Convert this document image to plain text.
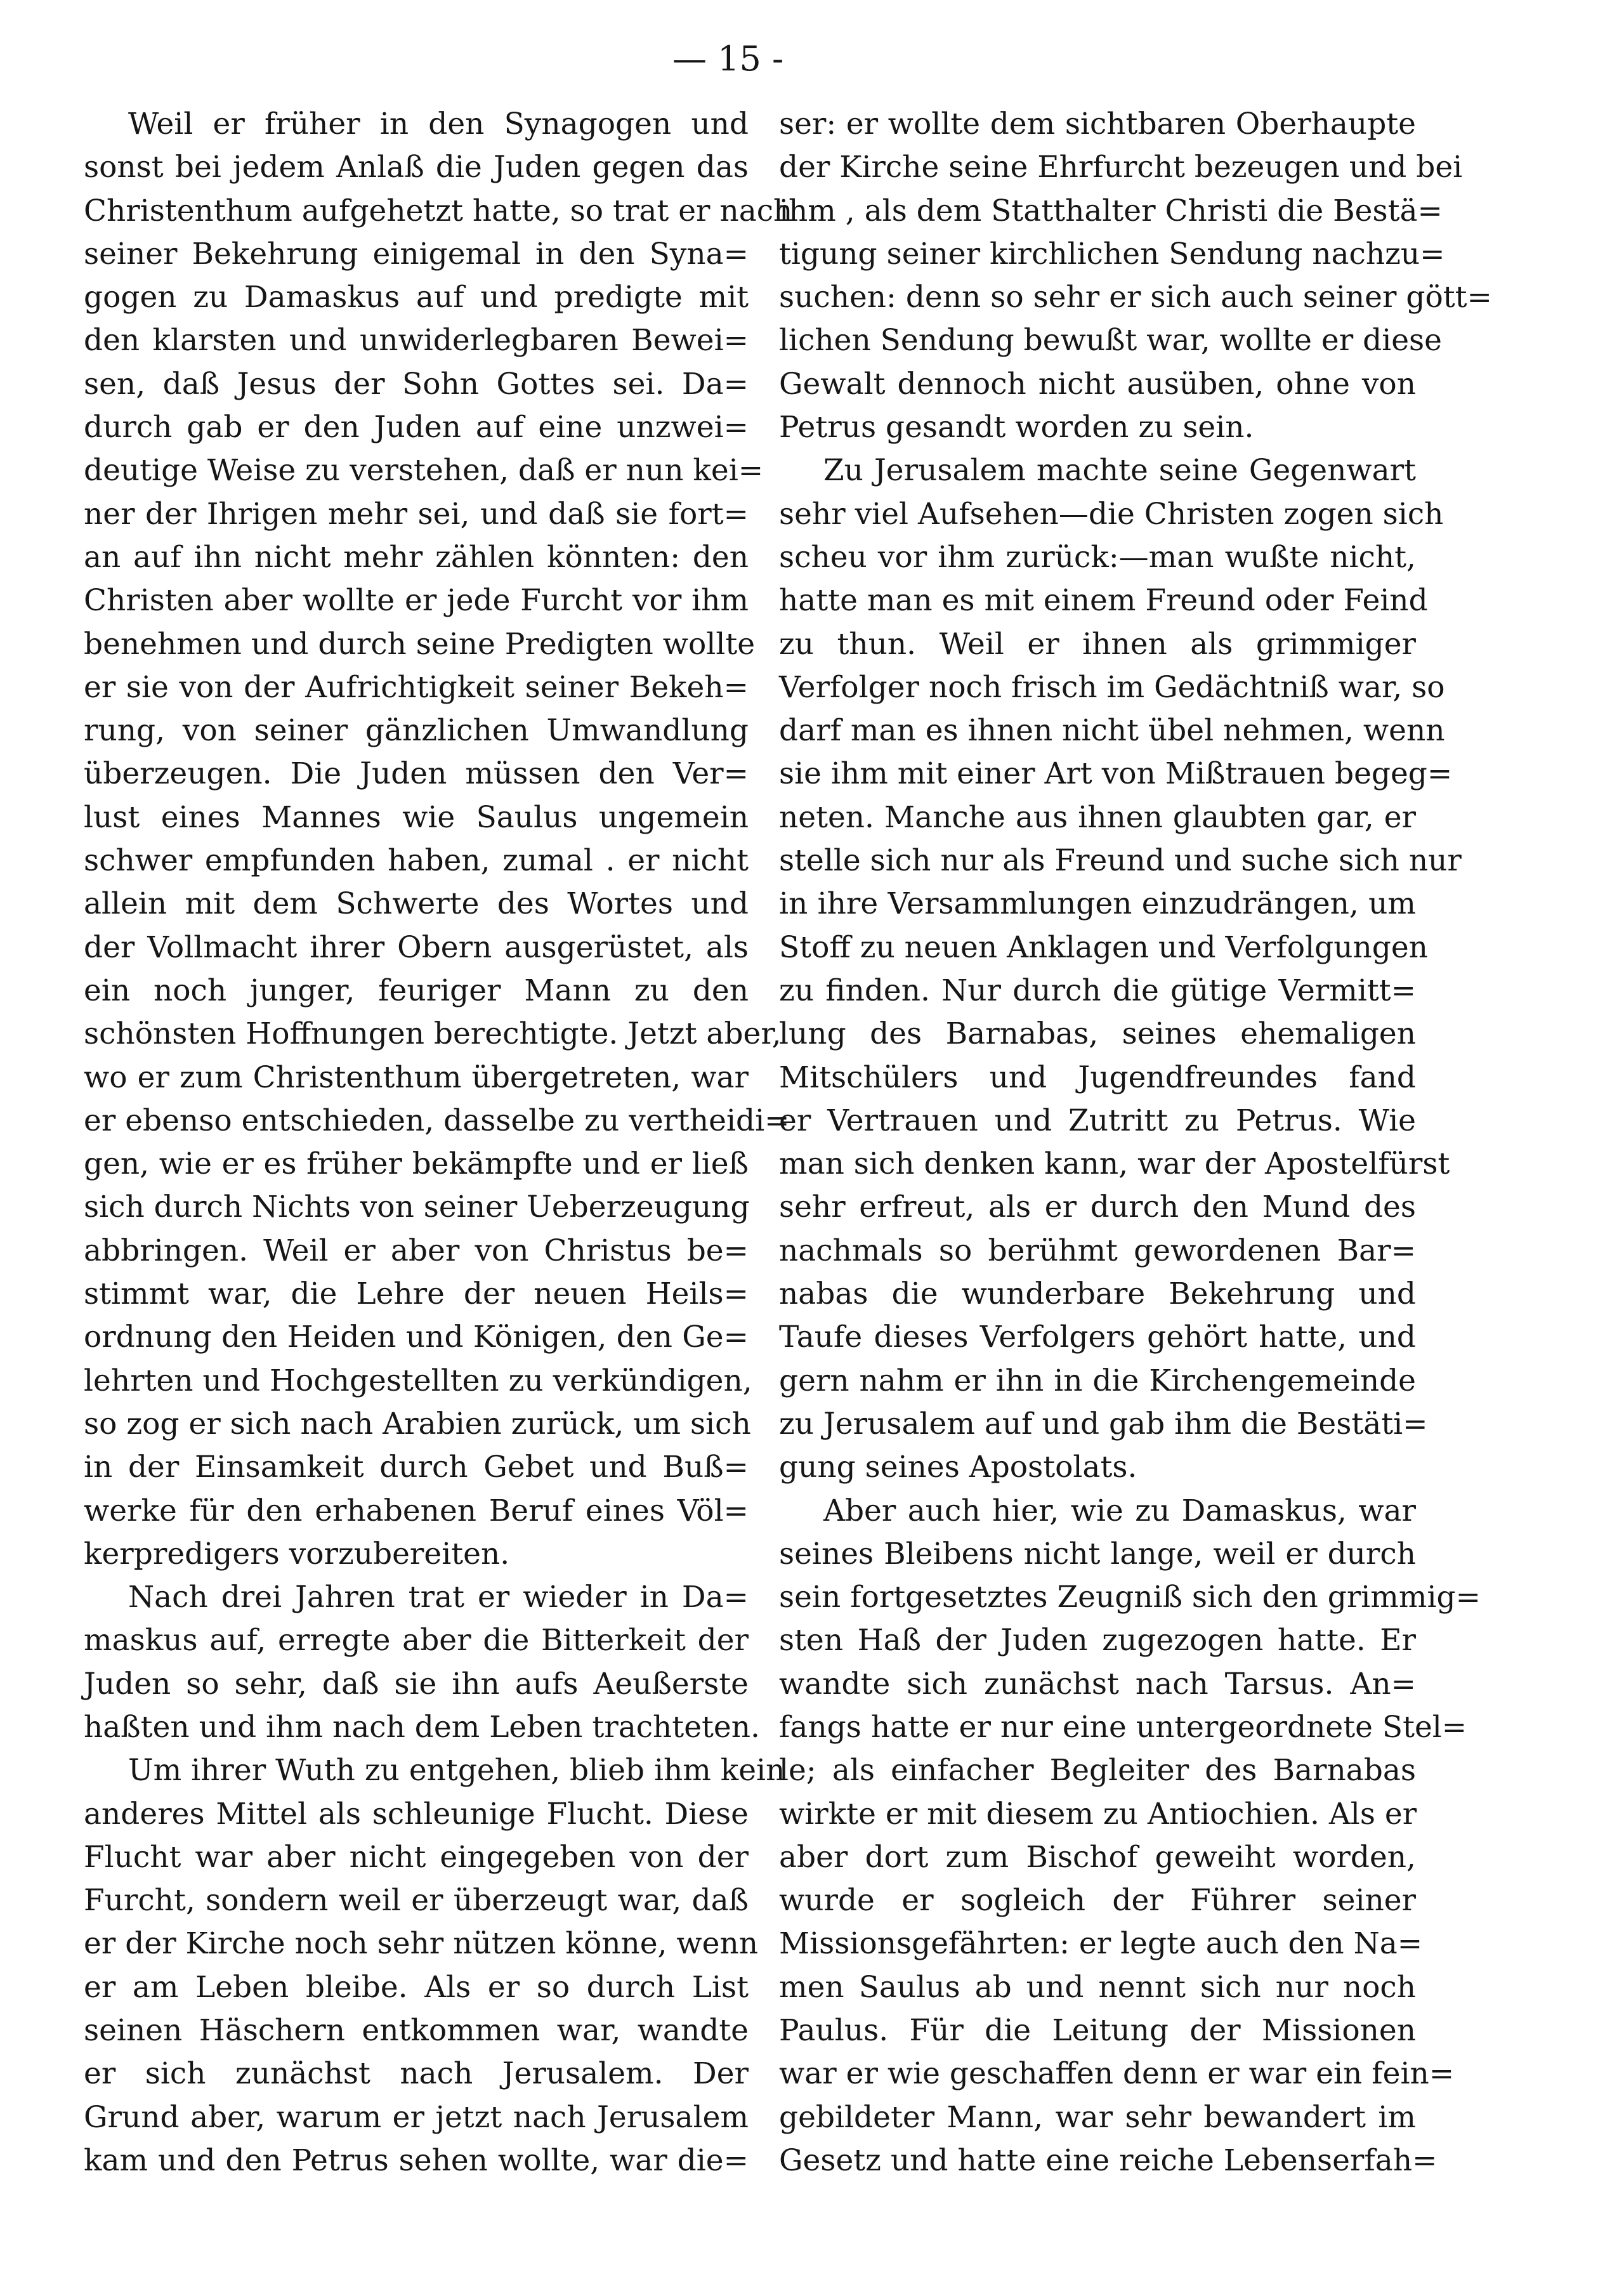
— 15 -
Weil er früher in den Synagogen und
sonst bei jedem Anlaß die Juden gegen das
Christenthum aufgehetzt hatte, so trat er nach
seiner Bekehrung einigemal in den Syna=
gogen zu Damaskus auf und predigte mit
den klarsten und unwiderlegbaren Bewei=
sen, daß Jesus der Sohn Gottes sei. Da=
durch gab er den Juden auf eine unzwei=
deutige Weise zu verstehen, daß er nun kei=
ner der Ihrigen mehr sei, und daß sie fort=
an auf ihn nicht mehr zählen könnten: den
Christen aber wollte er jede Furcht vor ihm
benehmen und durch seine Predigten wollte
er sie von der Aufrichtigkeit seiner Bekeh=
rung, von seiner gänzlichen Umwandlung
überzeugen. Die Juden müssen den Ver=
lust eines Mannes wie Saulus ungemein
schwer empfunden haben, zumal . er nicht
allein mit dem Schwerte des Wortes und
der Vollmacht ihrer Obern ausgerüstet, als
ein noch junger, feuriger Mann zu den
schönsten Hoffnungen berechtigte. Jetzt aber,
wo er zum Christenthum übergetreten, war
er ebenso entschieden, dasselbe zu vertheidi=
gen, wie er es früher bekämpfte und er ließ
sich durch Nichts von seiner Ueberzeugung
abbringen. Weil er aber von Christus be=
stimmt war, die Lehre der neuen Heils=
ordnung den Heiden und Königen, den Ge=
lehrten und Hochgestellten zu verkündigen,
so zog er sich nach Arabien zurück, um sich
in der Einsamkeit durch Gebet und Buß=
werke für den erhabenen Beruf eines Völ=
kerpredigers vorzubereiten.
Nach drei Jahren trat er wieder in Da=
maskus auf, erregte aber die Bitterkeit der
Juden so sehr, daß sie ihn aufs Aeußerste
haßten und ihm nach dem Leben trachteten.
Um ihrer Wuth zu entgehen, blieb ihm kein
anderes Mittel als schleunige Flucht. Diese
Flucht war aber nicht eingegeben von der
Furcht, sondern weil er überzeugt war, daß
er der Kirche noch sehr nützen könne, wenn
er am Leben bleibe. Als er so durch List
seinen Häschern entkommen war, wandte
er sich zunächst nach Jerusalem. Der
Grund aber, warum er jetzt nach Jerusalem
kam und den Petrus sehen wollte, war die=
ser: er wollte dem sichtbaren Oberhaupte
der Kirche seine Ehrfurcht bezeugen und bei
ihm , als dem Statthalter Christi die Bestä=
tigung seiner kirchlichen Sendung nachzu=
suchen: denn so sehr er sich auch seiner gött=
lichen Sendung bewußt war, wollte er diese
Gewalt dennoch nicht ausüben, ohne von
Petrus gesandt worden zu sein.
Zu Jerusalem machte seine Gegenwart
sehr viel Aufsehen—die Christen zogen sich
scheu vor ihm zurück:—man wußte nicht,
hatte man es mit einem Freund oder Feind
zu thun. Weil er ihnen als grimmiger
Verfolger noch frisch im Gedächtniß war, so
darf man es ihnen nicht übel nehmen, wenn
sie ihm mit einer Art von Mißtrauen begeg=
neten. Manche aus ihnen glaubten gar, er
stelle sich nur als Freund und suche sich nur
in ihre Versammlungen einzudrängen, um
Stoff zu neuen Anklagen und Verfolgungen
zu finden. Nur durch die gütige Vermitt=
lung des Barnabas, seines ehemaligen
Mitschülers und Jugendfreundes fand
er Vertrauen und Zutritt zu Petrus. Wie
man sich denken kann, war der Apostelfürst
sehr erfreut, als er durch den Mund des
nachmals so berühmt gewordenen Bar=
nabas die wunderbare Bekehrung und
Taufe dieses Verfolgers gehört hatte, und
gern nahm er ihn in die Kirchengemeinde
zu Jerusalem auf und gab ihm die Bestäti=
gung seines Apostolats.
Aber auch hier, wie zu Damaskus, war
seines Bleibens nicht lange, weil er durch
sein fortgesetztes Zeugniß sich den grimmig=
sten Haß der Juden zugezogen hatte. Er
wandte sich zunächst nach Tarsus. An=
fangs hatte er nur eine untergeordnete Stel=
le; als einfacher Begleiter des Barnabas
wirkte er mit diesem zu Antiochien. Als er
aber dort zum Bischof geweiht worden,
wurde er sogleich der Führer seiner
Missionsgefährten: er legte auch den Na=
men Saulus ab und nennt sich nur noch
Paulus. Für die Leitung der Missionen
war er wie geschaffen denn er war ein fein=
gebildeter Mann, war sehr bewandert im
Gesetz und hatte eine reiche Lebenserfah=
